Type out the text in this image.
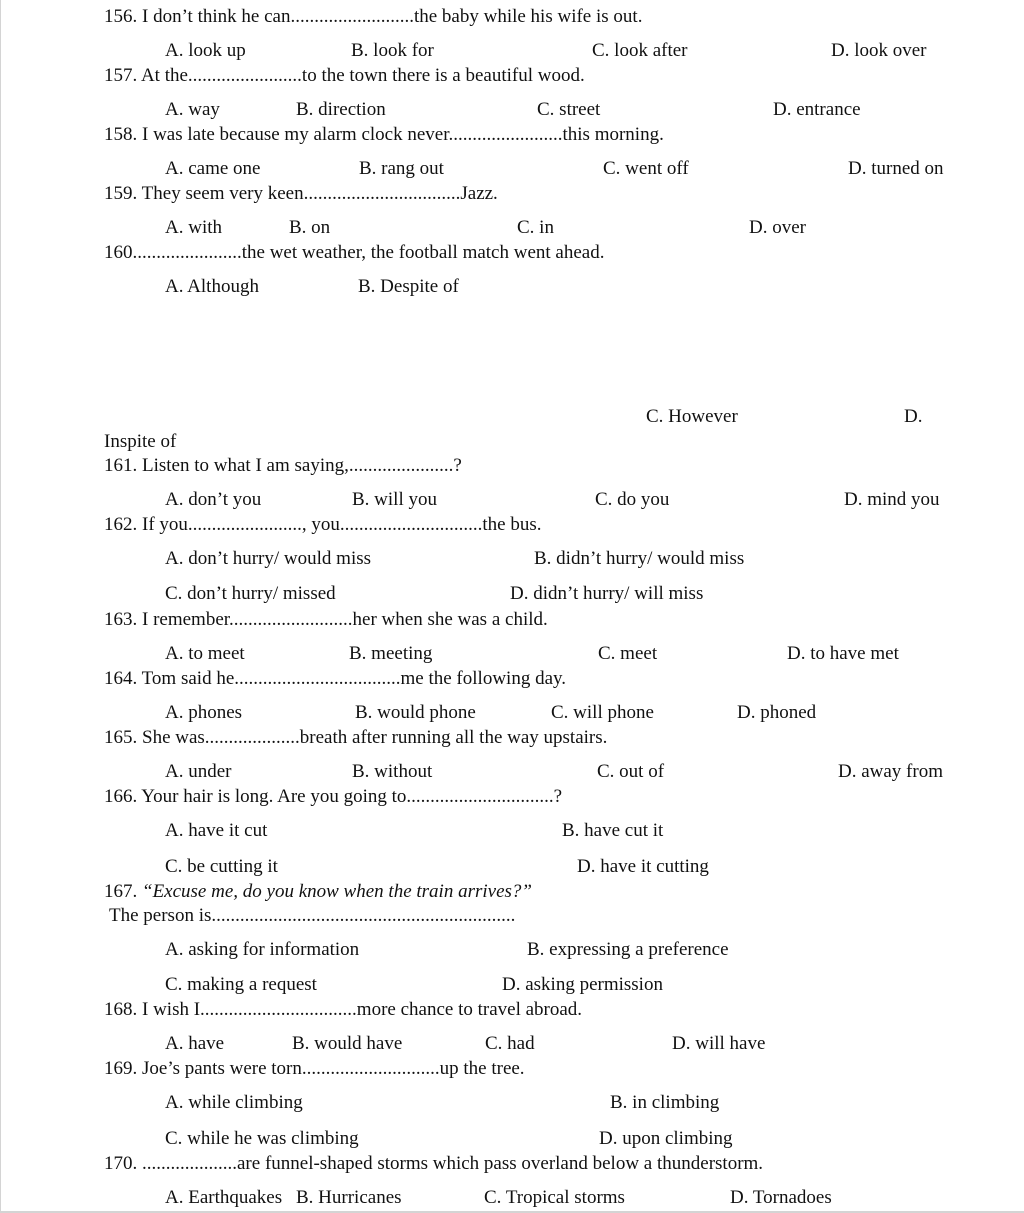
156. I don’t think he can..........................the baby while his wife is out.
A. look up	B. look for	C. look after	D. look over
157. At the........................to the town there is a beautiful wood.
A. way	B. direction	C. street	D. entrance
158. I was late because my alarm clock never........................this morning.
A. came one	B. rang out	C. went off	D. turned on
159. They seem very keen.................................Jazz.
A. with	B. on	C. in	D. over
160.......................the wet weather, the football match went ahead.
A. Although	B. Despite of
C. However	D.
Inspite of
161. Listen to what I am saying,......................?
A. don’t you	B. will you	C. do you	D. mind you
162. If you........................, you..............................the bus.
A. don’t hurry/ would miss	B. didn’t hurry/ would miss
C. don’t hurry/ missed	D. didn’t hurry/ will miss
163. I remember..........................her when she was a child.
A. to meet	B. meeting	C. meet	D. to have met
164. Tom said he...................................me the following day.
A. phones	B. would phone	C. will phone	D. phoned
165. She was....................breath after running all the way upstairs.
A. under	B. without	C. out of	D. away from
166. Your hair is long. Are you going to...............................?
A. have it cut	B. have cut it
C. be cutting it	D. have it cutting
167. “Excuse me, do you know when the train arrives?”
The person is................................................................
A. asking for information	B. expressing a preference
C. making a request	D. asking permission
168. I wish I.................................more chance to travel abroad.
A. have	B. would have	C. had	D. will have
169. Joe’s pants were torn.............................up the tree.
A. while climbing	B. in climbing
C. while he was climbing	D. upon climbing
170. ....................are funnel-shaped storms which pass overland below a thunderstorm.
A. Earthquakes B. Hurricanes	C. Tropical storms	D. Tornadoes
